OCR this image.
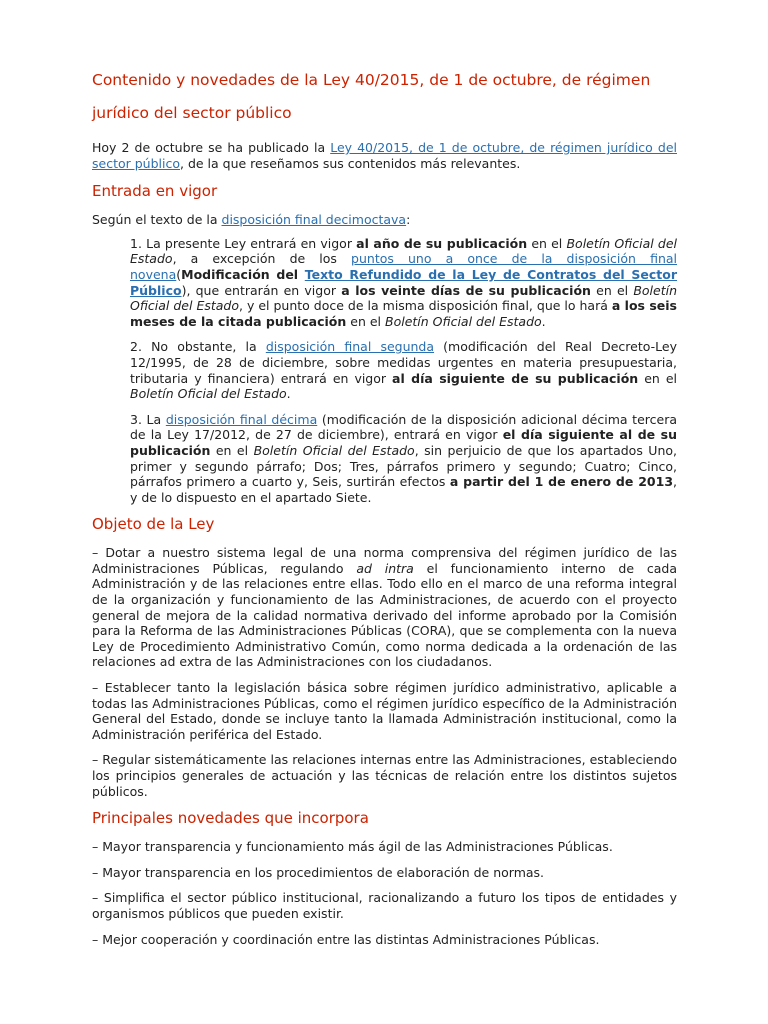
Contenido y novedades de la Ley 40/2015, de 1 de octubre, de régimen jurídico del sector público

Hoy 2 de octubre se ha publicado la Ley 40/2015, de 1 de octubre, de régimen jurídico del sector público, de la que reseñamos sus contenidos más relevantes.

Entrada en vigor

Según el texto de la disposición final decimoctava:

1. La presente Ley entrará en vigor al año de su publicación en el Boletín Oficial del Estado, a excepción de los puntos uno a once de la disposición final novena(Modificación del Texto Refundido de la Ley de Contratos del Sector Público), que entrarán en vigor a los veinte días de su publicación en el Boletín Oficial del Estado, y el punto doce de la misma disposición final, que lo hará a los seis meses de la citada publicación en el Boletín Oficial del Estado.

2. No obstante, la disposición final segunda (modificación del Real Decreto-Ley 12/1995, de 28 de diciembre, sobre medidas urgentes en materia presupuestaria, tributaria y financiera) entrará en vigor al día siguiente de su publicación en el Boletín Oficial del Estado.

3. La disposición final décima (modificación de la disposición adicional décima tercera de la Ley 17/2012, de 27 de diciembre), entrará en vigor el día siguiente al de su publicación en el Boletín Oficial del Estado, sin perjuicio de que los apartados Uno, primer y segundo párrafo; Dos; Tres, párrafos primero y segundo; Cuatro; Cinco, párrafos primero a cuarto y, Seis, surtirán efectos a partir del 1 de enero de 2013, y de lo dispuesto en el apartado Siete.

Objeto de la Ley

– Dotar a nuestro sistema legal de una norma comprensiva del régimen jurídico de las Administraciones Públicas, regulando ad intra el funcionamiento interno de cada Administración y de las relaciones entre ellas. Todo ello en el marco de una reforma integral de la organización y funcionamiento de las Administraciones, de acuerdo con el proyecto general de mejora de la calidad normativa derivado del informe aprobado por la Comisión para la Reforma de las Administraciones Públicas (CORA), que se complementa con la nueva Ley de Procedimiento Administrativo Común, como norma dedicada a la ordenación de las relaciones ad extra de las Administraciones con los ciudadanos.

– Establecer tanto la legislación básica sobre régimen jurídico administrativo, aplicable a todas las Administraciones Públicas, como el régimen jurídico específico de la Administración General del Estado, donde se incluye tanto la llamada Administración institucional, como la Administración periférica del Estado.

– Regular sistemáticamente las relaciones internas entre las Administraciones, estableciendo los principios generales de actuación y las técnicas de relación entre los distintos sujetos públicos.

Principales novedades que incorpora

– Mayor transparencia y funcionamiento más ágil de las Administraciones Públicas.

– Mayor transparencia en los procedimientos de elaboración de normas.

– Simplifica el sector público institucional, racionalizando a futuro los tipos de entidades y organismos públicos que pueden existir.

– Mejor cooperación y coordinación entre las distintas Administraciones Públicas.
